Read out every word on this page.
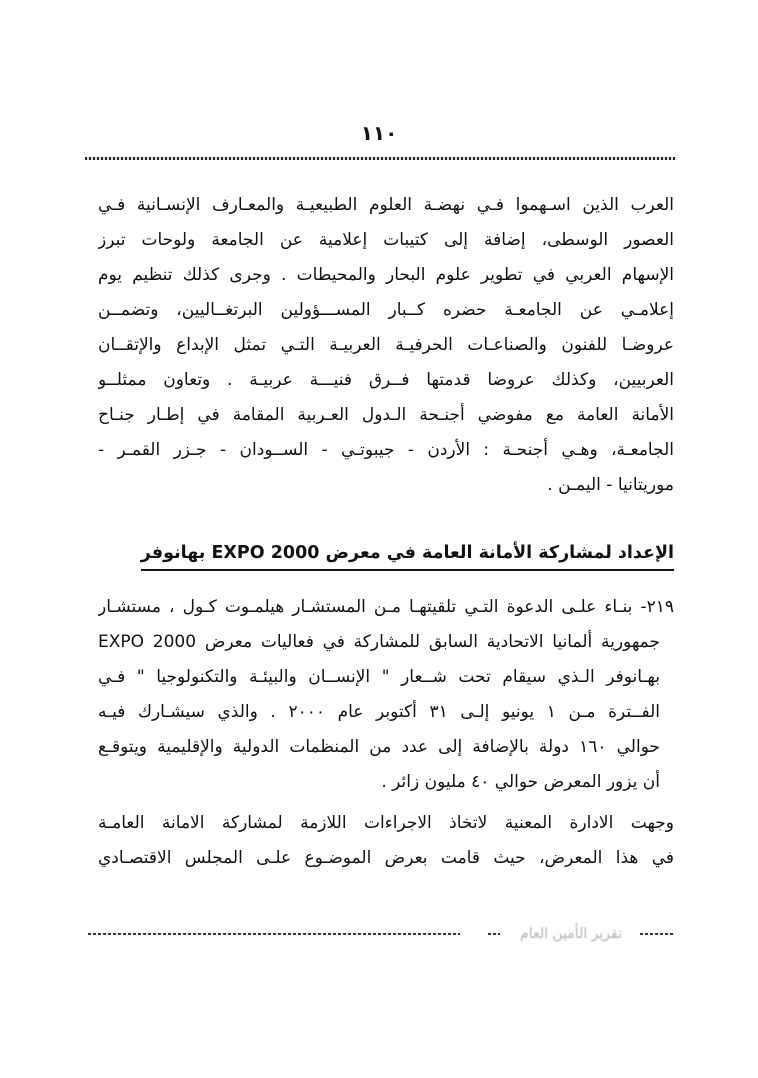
١١٠
العرب الذين اسـهموا فـي نهضـة العلوم الطبيعيـة والمعـارف الإنسـانية فـي
العصور الوسطى، إضافة إلى كتيبات إعلامية عن الجامعة ولوحات تبرز
الإسهام العربي في تطوير علوم البحار والمحيطات . وجرى كذلك تنظيم يوم
إعلامـي عن الجامعـة حضره كــبار المســـؤولين البرتغــاليين، وتضمــن
عروضـا للفنون والصناعـات الحرفيـة العربيـة التـي تمثل الإبداع والإتقــان
العربيين، وكذلك عروضا قدمتها فــرق فنيـــة عربيـة . وتعاون ممثلــو
الأمانة العامة مع مفوضي أجنـحة الـدول العـربية المقامة في إطـار جنـاح
الجامعـة، وهـي أجنحـة : الأردن - جيبوتـي - الســودان - جـزر القمـر -
موريتانيا - اليمـن .
الإعداد لمشاركة الأمانة العامة في معرض EXPO 2000 بهانوفر
٢١٩- بنـاء علـى الدعوة التـي تلقيتهـا مـن المستشـار هيلمـوت كـول ، مستشـار
جمهورية ألمانيا الاتحادية السابق للمشاركة في فعاليات معرض EXPO 2000
بهـانوفر الـذي سيقام تحت شــعار " الإنســان والبيئـة والتكنولوجيا " فـي
الفــترة مـن ١ يونيو إلـى ٣١ أكتوبر عام ٢٠٠٠ . والذي سيشـارك فيـه
حوالي ١٦٠ دولة بالإضافة إلى عدد من المنظمات الدولية والإقليمية ويتوقـع
أن يزور المعرض حوالي ٤٠ مليون زائر .
وجهت الادارة المعنية لاتخاذ الاجراءات اللازمة لمشاركة الامانة العامـة
في هذا المعرض، حيث قامت بعرض الموضـوع علـى المجلس الاقتصـادي
تقرير الأمين العام
